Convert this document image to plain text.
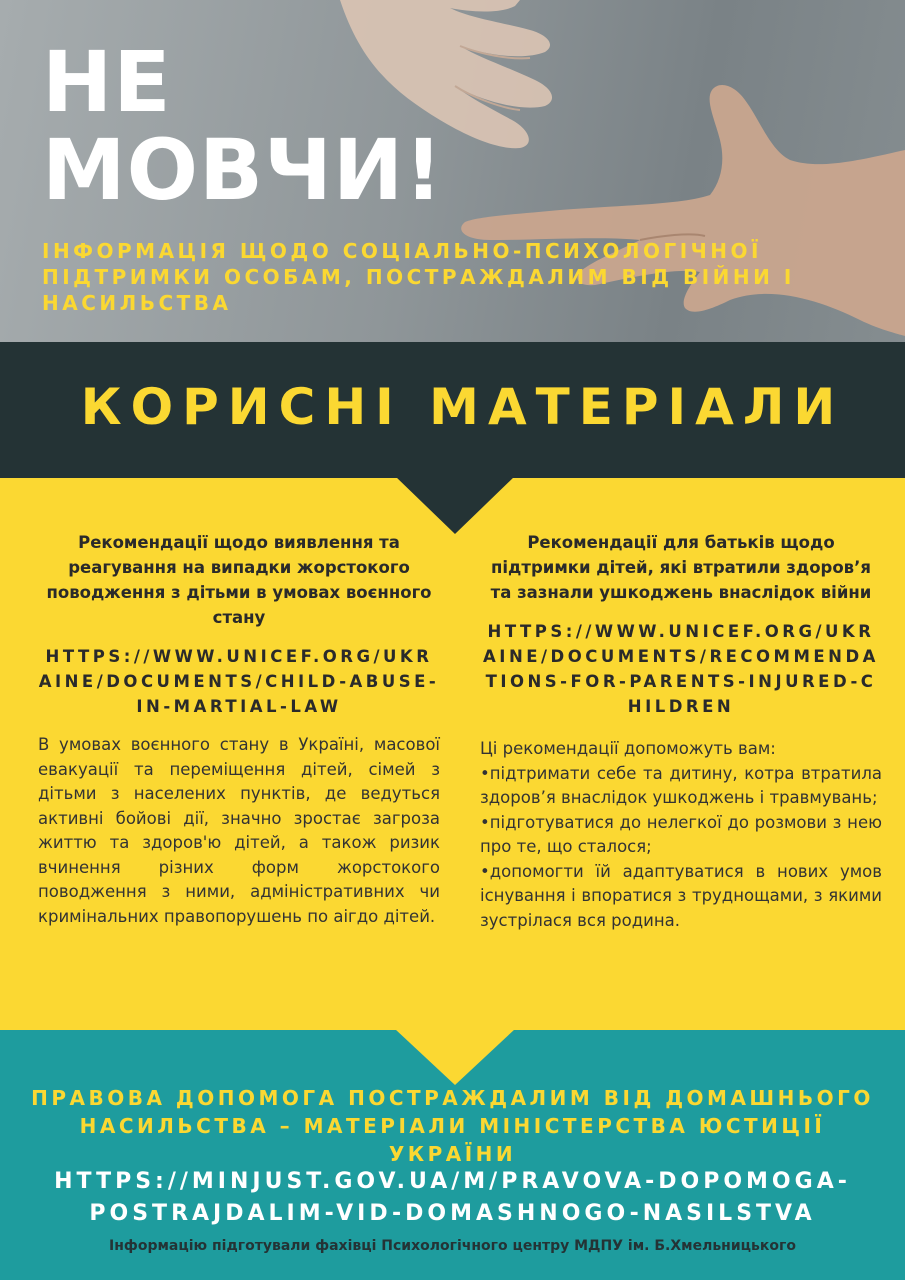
НЕ
МОВЧИ!
ІНФОРМАЦІЯ ЩОДО СОЦІАЛЬНО-ПСИХОЛОГІЧНОЇ ПІДТРИМКИ ОСОБАМ, ПОСТРАЖДАЛИМ ВІД ВІЙНИ І НАСИЛЬСТВА
КОРИСНІ МАТЕРІАЛИ
Рекомендації щодо виявлення та реагування на випадки жорстокого поводження з дітьми в умовах воєнного стану
HTTPS://WWW.UNICEF.ORG/UKRAINE/DOCUMENTS/CHILD-ABUSE-IN-MARTIAL-LAW
В умовах воєнного стану в Україні, масової евакуації та переміщення дітей, сімей з дітьми з населених пунктів, де ведуться активні бойові дії, значно зростає загроза життю та здоров'ю дітей, а також ризик вчинення різних форм жорстокого поводження з ними, адміністративних чи кримінальних правопорушень по аігдо дітей.
Рекомендації для батьків щодо підтримки дітей, які втратили здоров’я та зазнали ушкоджень внаслідок війни
HTTPS://WWW.UNICEF.ORG/UKRAINE/DOCUMENTS/RECOMMENDATIONS-FOR-PARENTS-INJURED-CHILDREN

Ці рекомендації допоможуть вам:

•підтримати себе та дитину, котра втратила здоров’я внаслідок ушкоджень і травмувань;

•підготуватися до нелегкої до розмови з нею про те, що сталося;

•допомогти їй адаптуватися в нових умов існування і впоратися з труднощами, з якими зустрілася вся родина.

ПРАВОВА ДОПОМОГА ПОСТРАЖДАЛИМ ВІД ДОМАШНЬОГО НАСИЛЬСТВА – МАТЕРІАЛИ МІНІСТЕРСТВА ЮСТИЦІЇ УКРАЇНИ
HTTPS://MINJUST.GOV.UA/M/PRAVOVA-DOPOMOGA-POSTRAJDALIM-VID-DOMASHNOGO-NASILSTVA
Інформацію підготували фахівці Психологічного центру МДПУ ім. Б.Хмельницького
